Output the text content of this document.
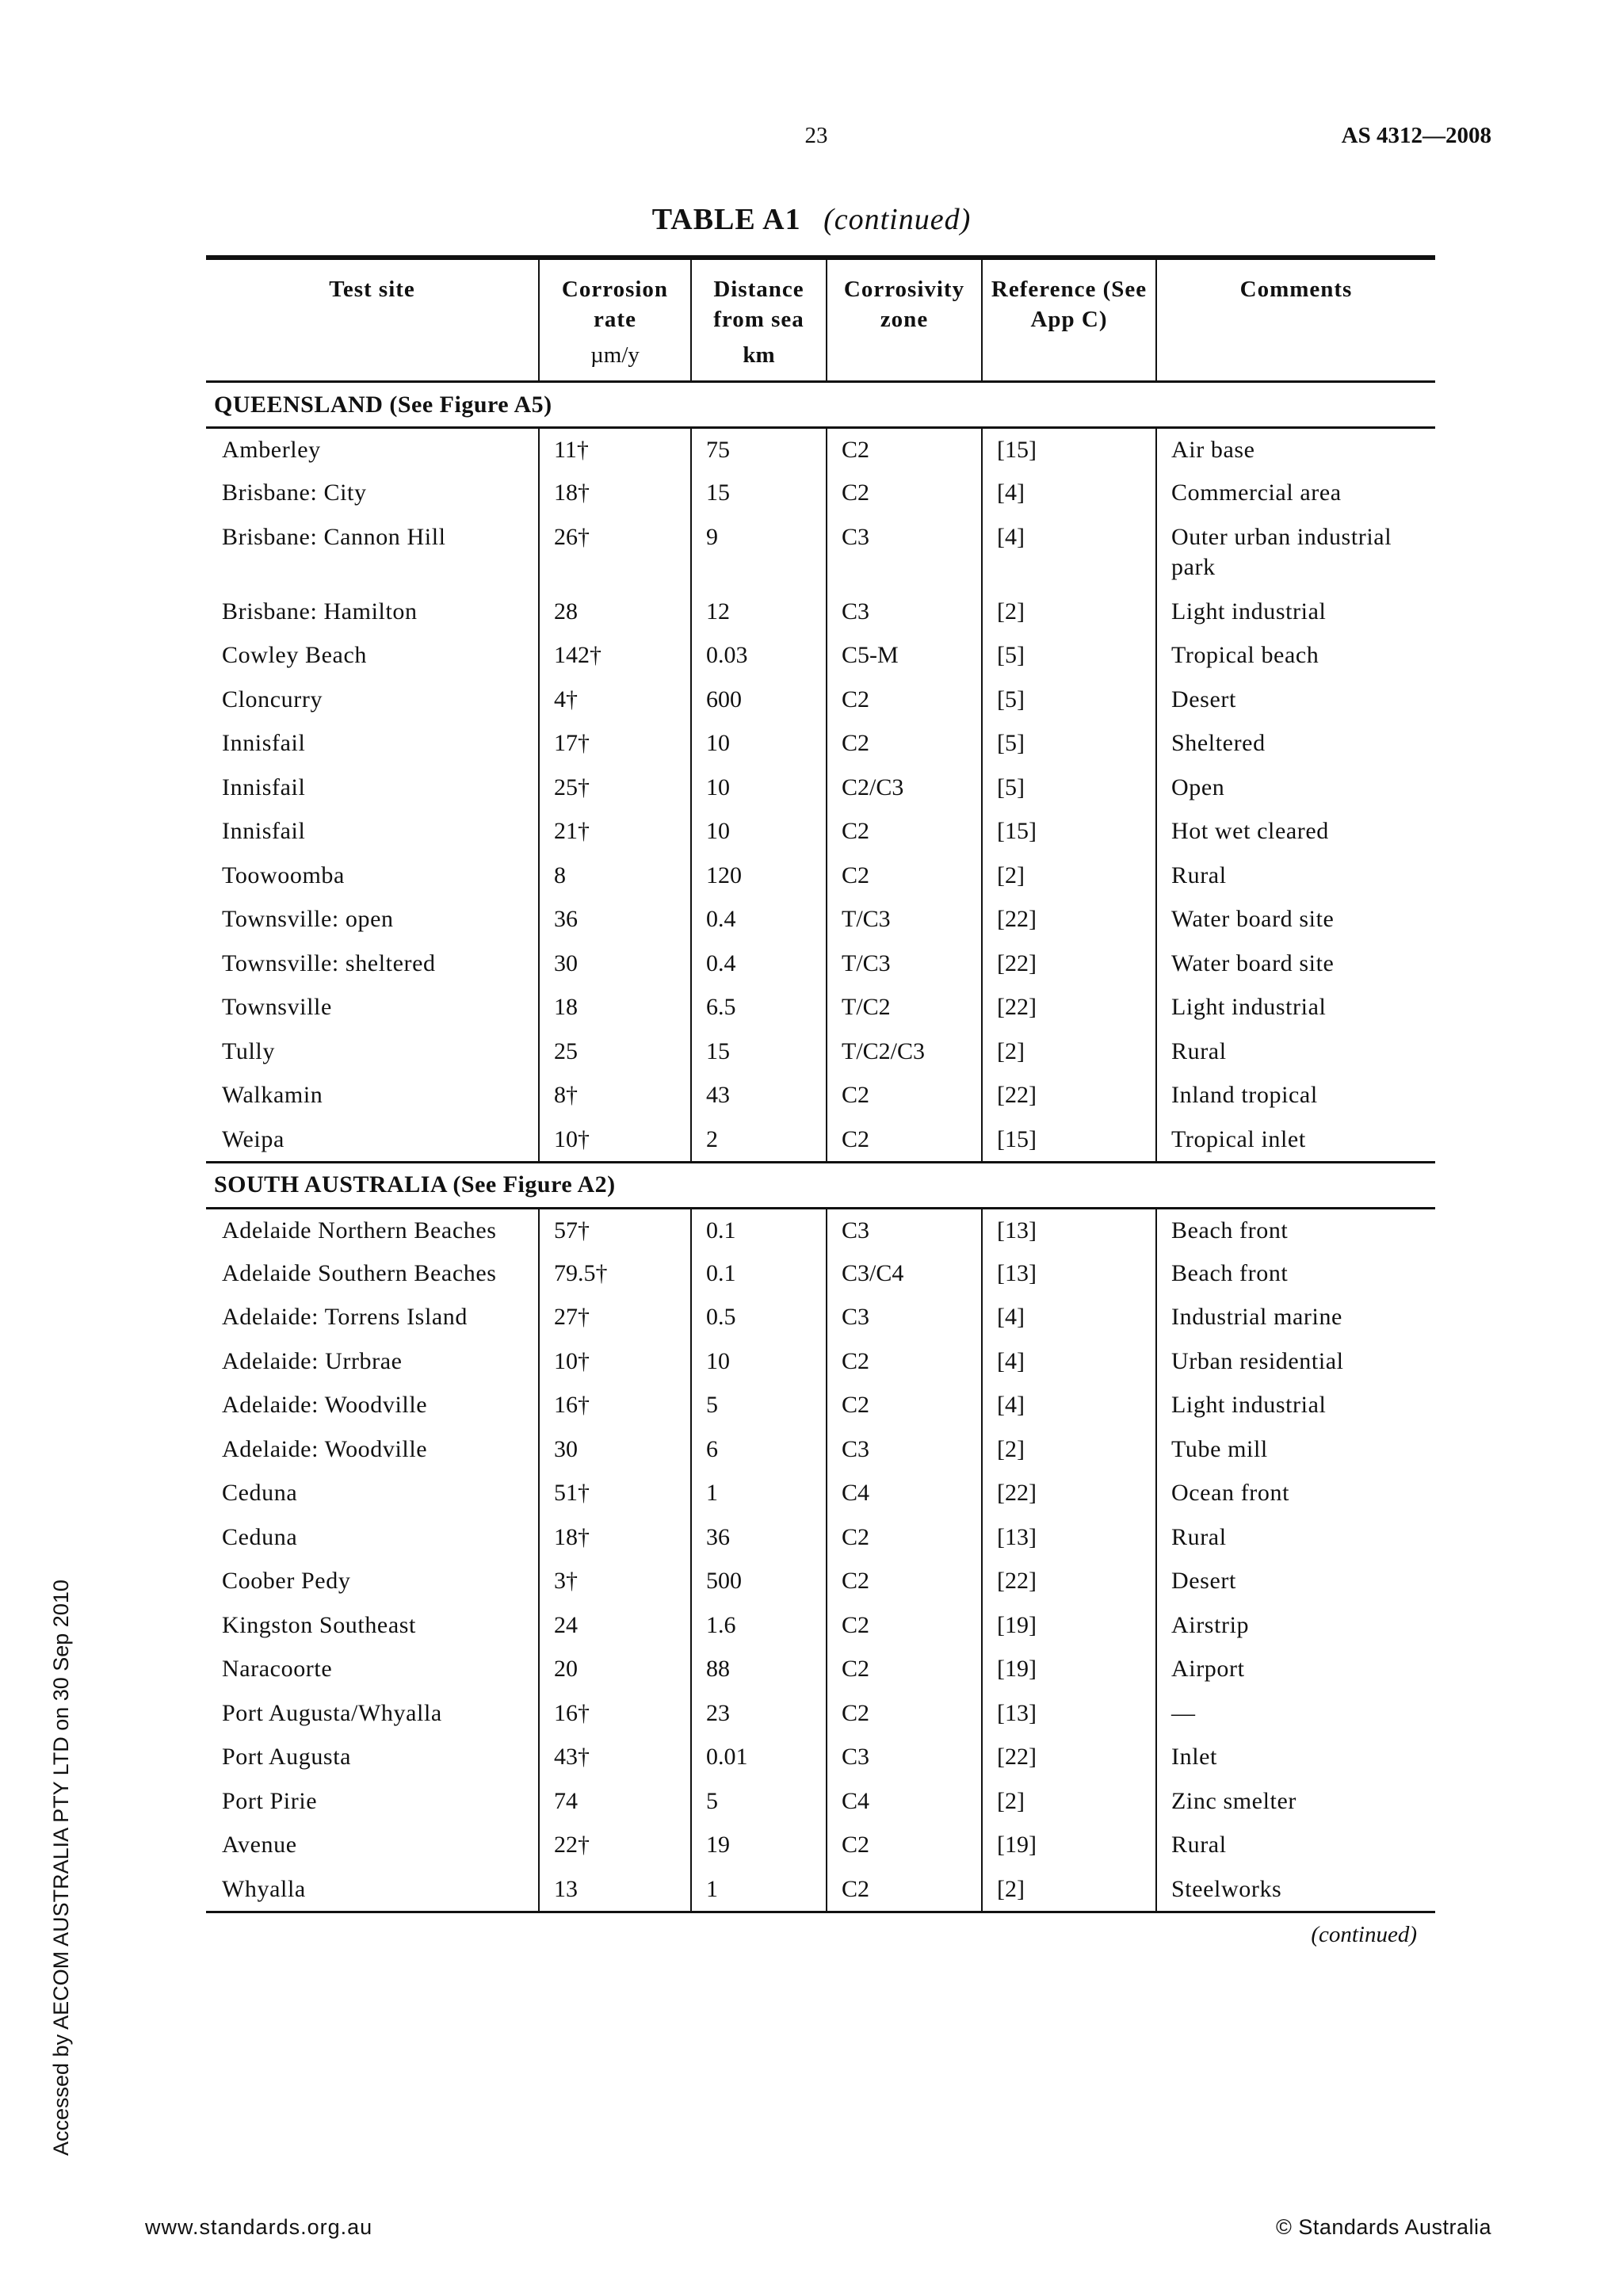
23	AS 4312—2008
TABLE A1 (continued)
Test site	Corrosion rate	Distance from sea	Corrosivity zone	Reference (See App C)	Comments
	µm/y	km			
QUEENSLAND (See Figure A5)					
Amberley	11†	75	C2	[15]	Air base
Brisbane: City	18†	15	C2	[4]	Commercial area
Brisbane: Cannon Hill	26†	9	C3	[4]	Outer urban industrial park
Brisbane: Hamilton	28	12	C3	[2]	Light industrial
Cowley Beach	142†	0.03	C5-M	[5]	Tropical beach
Cloncurry	4†	600	C2	[5]	Desert
Innisfail	17†	10	C2	[5]	Sheltered
Innisfail	25†	10	C2/C3	[5]	Open
Innisfail	21†	10	C2	[15]	Hot wet cleared
Toowoomba	8	120	C2	[2]	Rural
Townsville: open	36	0.4	T/C3	[22]	Water board site
Townsville: sheltered	30	0.4	T/C3	[22]	Water board site
Townsville	18	6.5	T/C2	[22]	Light industrial
Tully	25	15	T/C2/C3	[2]	Rural
Walkamin	8†	43	C2	[22]	Inland tropical
Weipa	10†	2	C2	[15]	Tropical inlet
SOUTH AUSTRALIA (See Figure A2)					
Adelaide Northern Beaches	57†	0.1	C3	[13]	Beach front
Adelaide Southern Beaches	79.5†	0.1	C3/C4	[13]	Beach front
Adelaide: Torrens Island	27†	0.5	C3	[4]	Industrial marine
Adelaide: Urrbrae	10†	10	C2	[4]	Urban residential
Adelaide: Woodville	16†	5	C2	[4]	Light industrial
Adelaide: Woodville	30	6	C3	[2]	Tube mill
Ceduna	51†	1	C4	[22]	Ocean front
Ceduna	18†	36	C2	[13]	Rural
Coober Pedy	3†	500	C2	[22]	Desert
Kingston Southeast	24	1.6	C2	[19]	Airstrip
Naracoorte	20	88	C2	[19]	Airport
Port Augusta/Whyalla	16†	23	C2	[13]	—
Port Augusta	43†	0.01	C3	[22]	Inlet
Port Pirie	74	5	C4	[2]	Zinc smelter
Avenue	22†	19	C2	[19]	Rural
Whyalla	13	1	C2	[2]	Steelworks
(continued)
Accessed by AECOM AUSTRALIA PTY LTD on 30 Sep 2010
www.standards.org.au	© Standards Australia
